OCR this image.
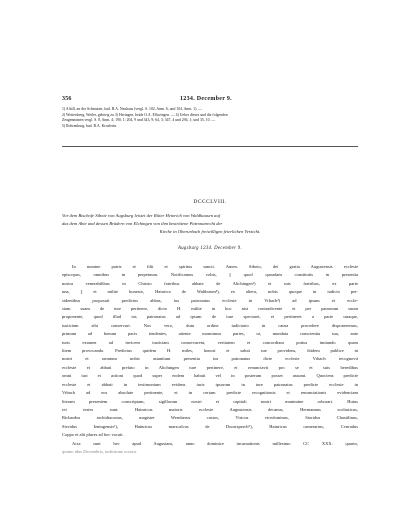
356	1234. December 9.

1) Altöll, an der Schmutter, bad. B.A. Neuhaus (vergl. S. 102, Anm. 6, und 104, Anm. 1). —

2) Weitersberg, Weiler, gehörig zu 3) Heringen, beide O.A. Elhwingen. — 4) Ueber dieses und die folgenden

Zeugennamen vergl. S. 8, Anm. 4; 190, 1; 204, 9 und 343, 9; 64, 3; 347, 4 und 294, 1; und 35, 10. —

5) Rohrenburg, bad. B.A. Krozlerin.

DCCCLVIII.

Vor dem Bischofe Sibote von Augsburg leistet der Ritter Heinrich von Waldhausen auf

das dem Abte und dessen Brüdern von Elchingen von ihm bestrittene Patronatrecht der

Kirche in Oberurbach freiwilligen feierlichen Verzicht.

Augsburg 1234. December 9.

In nomine patris et filii et spiritus sancti. Amen. Siboto, dei gratia Augustensis ecclesie

episcopus, omnibus in perpetuum. Notificamus vobis, || quod quoadam constitutis in presentia

nostra venerabilibus in Christo fratribus abbate de Alichingen¹) et suis fratribus, ex parte

una, || et milite honesto, Hainrico de Walthusen²), ex altera, nobis quoque in iudicio per-

sidentibus proposuit predictus abbas, ius patronatus ecclesie in Vrbach³) ad ipsum et eccle-

siam suam de iure pertinere, dicto H. milite in hoc nisi contradicente et per patronum suum

proponente, quod illud ius patronatus ad ipsum de iure spectaret, et pertineret a parte utraque,

iusticiam sibi conservari. Nos vero, dum ordine iudiciario in causa procedere disponeremus,

primum ad bonum pacis tendentes, attente monuimus partes, ut, mundata conscientia sua, ante

iuris examen ad invicem iusticiam conservarent, veritatem et concordiam potius imitando quam

litem provocando. Predictus quidem H. miles, honori et saluti sue providens, ibidem publice in

nostri et omnium nobis astantium presentia ius patronatus dicte ecclesie Vrbach recognovit

ecclesie et abbati prefato in Alichingen iure pertinere, et renunciavit pro se et suis heredibus

omni iuri et actioni quod super eodem habuit vel in posterum posset assumi. Quociens predicte

ecclesie et abbati in testimonium evidens iuris ipsorum in iure patronatus predicte ecclesie in

Vrbach ad eos absolute pertinente, et in certam predicte recognitionis et renunciationis evidenciam

literam presentem conscriptam, sigillorum nostri et capituli nostri munimine roborari. Huius

rei testes sunt: Hainricus maioris ecclesie Augustensis decanus, Hermannus scolasticus,

Richardus archidiaconus, magister Wernherus custos, Viricus vicedominus, Sioridus Chastilinus,

Sivridus Ieningensis¹), Hainricus marscalcus de Duorrsperch⁵), Hainricus camerarius, Cvnradus

Coppo et alii plures ad hoc vocati.

Acta sunt hec apud Augustam, anno dominice incarnationis millesimo CC XXX. quarto,

quinto idus Decembris, indictione octava.
